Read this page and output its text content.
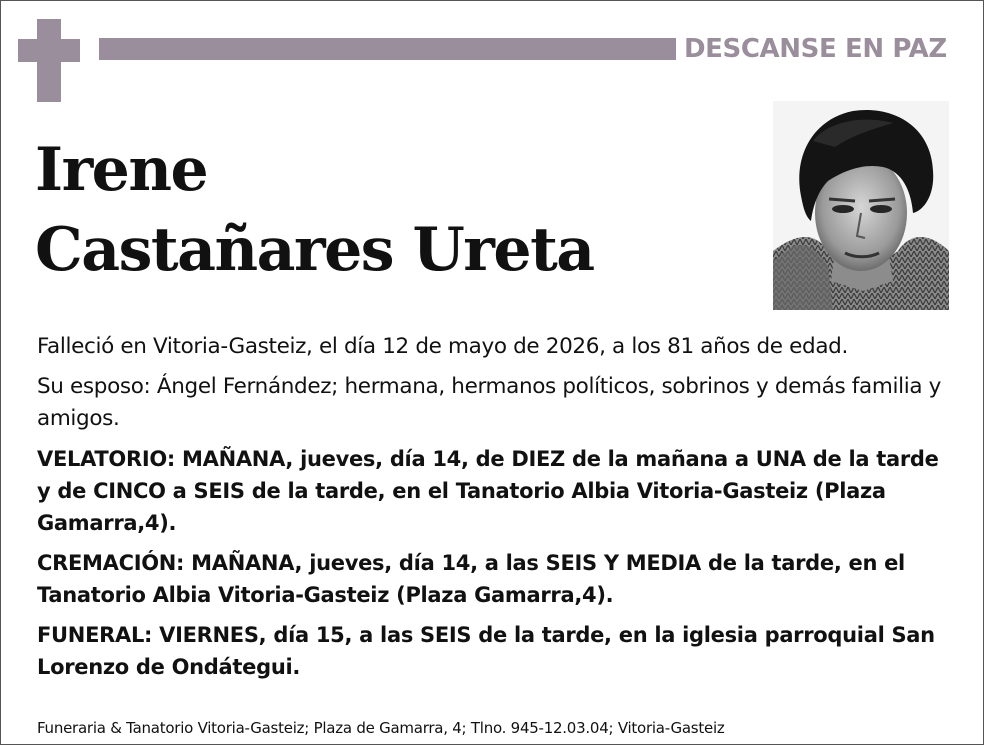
DESCANSE EN PAZ
Irene
Castañares Ureta

Falleció en Vitoria-Gasteiz, el día 12 de mayo de 2026, a los 81 años de edad.

Su esposo: Ángel Fernández; hermana, hermanos políticos, sobrinos y demás familia y amigos.

VELATORIO: MAÑANA, jueves, día 14, de DIEZ de la mañana a UNA de la tarde y de CINCO a SEIS de la tarde, en el Tanatorio Albia Vitoria-Gasteiz (Plaza Gamarra,4).

CREMACIÓN: MAÑANA, jueves, día 14, a las SEIS Y MEDIA de la tarde, en el Tanatorio Albia Vitoria-Gasteiz (Plaza Gamarra,4).

FUNERAL: VIERNES, día 15, a las SEIS de la tarde, en la iglesia parroquial San Lorenzo de Ondátegui.

Funeraria & Tanatorio Vitoria-Gasteiz; Plaza de Gamarra, 4; Tlno. 945-12.03.04; Vitoria-Gasteiz
